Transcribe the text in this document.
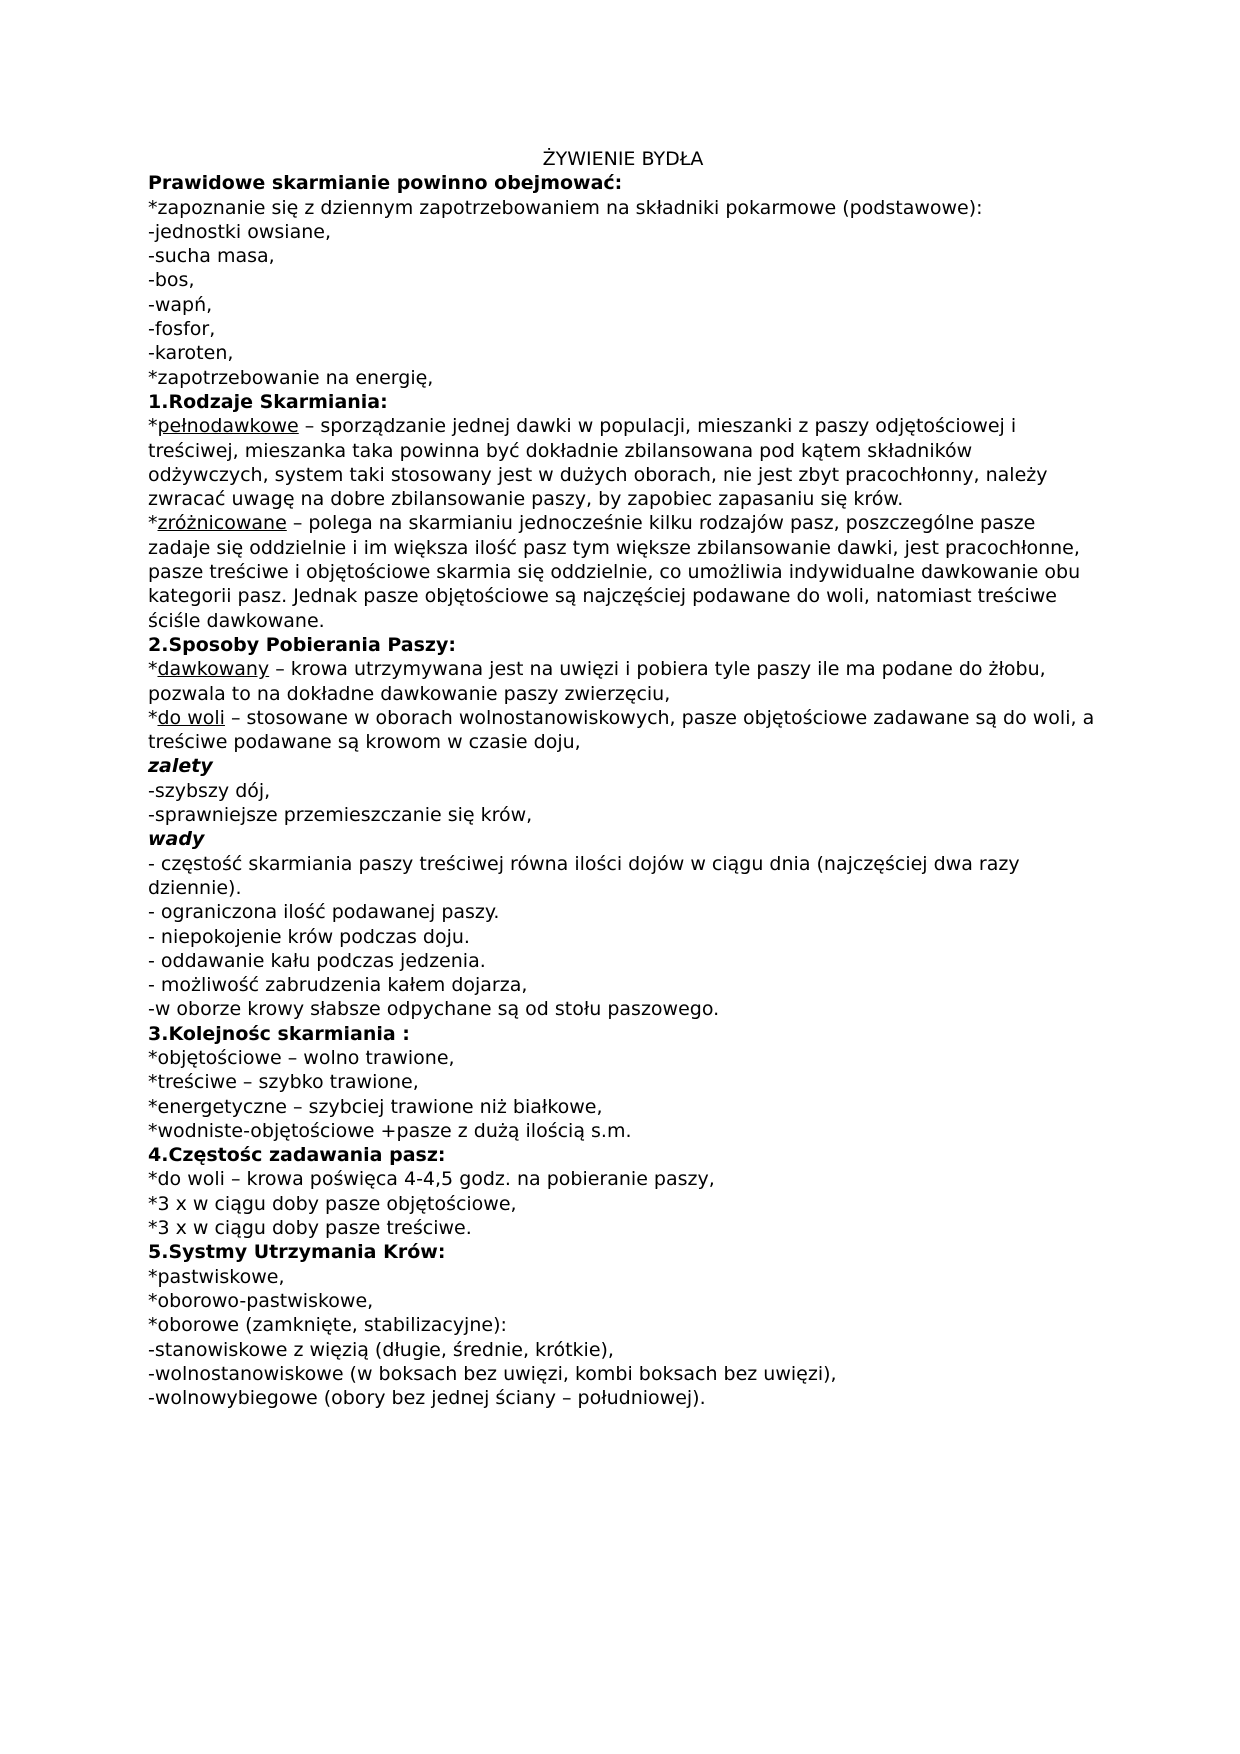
ŻYWIENIE BYDŁA
Prawidowe skarmianie powinno obejmować:
*zapoznanie się z dziennym zapotrzebowaniem na składniki pokarmowe (podstawowe):
-jednostki owsiane,
-sucha masa,
-bos,
-wapń,
-fosfor,
-karoten,
*zapotrzebowanie na energię,
1.Rodzaje Skarmiania:
*pełnodawkowe – sporządzanie jednej dawki w populacji, mieszanki z paszy odjętościowej i treściwej, mieszanka taka powinna być dokładnie zbilansowana pod kątem składników odżywczych, system taki stosowany jest w dużych oborach, nie jest zbyt pracochłonny, należy zwracać uwagę na dobre zbilansowanie paszy, by zapobiec zapasaniu się krów.
*zróżnicowane – polega na skarmianiu jednocześnie kilku rodzajów pasz, poszczególne pasze zadaje się oddzielnie i im większa ilość pasz tym większe zbilansowanie dawki, jest pracochłonne, pasze treściwe i objętościowe skarmia się oddzielnie, co umożliwia indywidualne dawkowanie obu kategorii pasz. Jednak pasze objętościowe są najczęściej podawane do woli, natomiast treściwe ściśle dawkowane.
2.Sposoby Pobierania Paszy:
*dawkowany – krowa utrzymywana jest na uwięzi i pobiera tyle paszy ile ma podane do żłobu, pozwala to na dokładne dawkowanie paszy zwierzęciu,
*do woli – stosowane w oborach wolnostanowiskowych, pasze objętościowe zadawane są do woli, a treściwe podawane są krowom w czasie doju,
zalety
-szybszy dój,
-sprawniejsze przemieszczanie się krów,
wady
- częstość skarmiania paszy treściwej równa ilości dojów w ciągu dnia (najczęściej dwa razy dziennie).
- ograniczona ilość podawanej paszy.
- niepokojenie krów podczas doju.
- oddawanie kału podczas jedzenia.
- możliwość zabrudzenia kałem dojarza,
-w oborze krowy słabsze odpychane są od stołu paszowego.
3.Kolejnośc skarmiania :
*objętościowe – wolno trawione,
*treściwe – szybko trawione,
*energetyczne – szybciej trawione niż białkowe,
*wodniste-objętościowe +pasze z dużą ilością s.m.
4.Częstośc zadawania pasz:
*do woli – krowa poświęca 4-4,5 godz. na pobieranie paszy,
*3 x w ciągu doby pasze objętościowe,
*3 x w ciągu doby pasze treściwe.
5.Systmy Utrzymania Krów:
*pastwiskowe,
*oborowo-pastwiskowe,
*oborowe (zamknięte, stabilizacyjne):
-stanowiskowe z więzią (długie, średnie, krótkie),
-wolnostanowiskowe (w boksach bez uwięzi, kombi boksach bez uwięzi),
-wolnowybiegowe (obory bez jednej ściany – południowej).
